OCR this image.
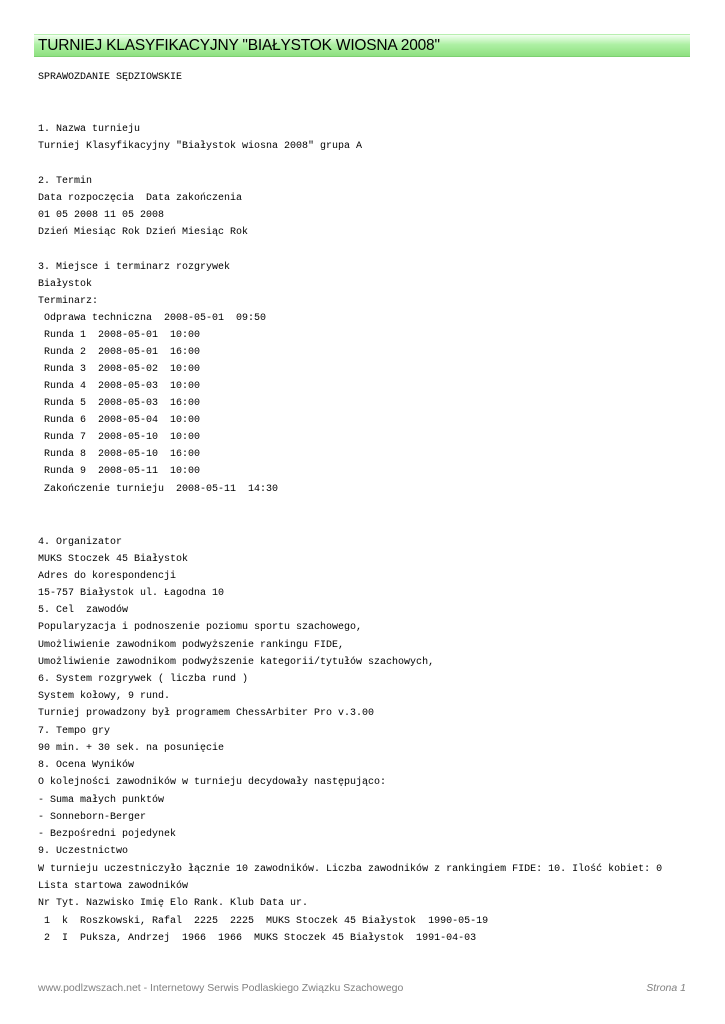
TURNIEJ KLASYFIKACYJNY "BIAŁYSTOK WIOSNA 2008"
SPRAWOZDANIE SĘDZIOWSKIE
1. Nazwa turnieju
Turniej Klasyfikacyjny "Białystok wiosna 2008" grupa A
2. Termin
Data rozpoczęcia  Data zakończenia
01 05 2008 11 05 2008
Dzień Miesiąc Rok Dzień Miesiąc Rok
3. Miejsce i terminarz rozgrywek
Białystok
Terminarz:
Odprawa techniczna  2008-05-01  09:50
Runda 1  2008-05-01  10:00
Runda 2  2008-05-01  16:00
Runda 3  2008-05-02  10:00
Runda 4  2008-05-03  10:00
Runda 5  2008-05-03  16:00
Runda 6  2008-05-04  10:00
Runda 7  2008-05-10  10:00
Runda 8  2008-05-10  16:00
Runda 9  2008-05-11  10:00
Zakończenie turnieju  2008-05-11  14:30
4. Organizator
MUKS Stoczek 45 Białystok
Adres do korespondencji
15-757 Białystok ul. Łagodna 10
5. Cel  zawodów
Popularyzacja i podnoszenie poziomu sportu szachowego,
Umożliwienie zawodnikom podwyższenie rankingu FIDE,
Umożliwienie zawodnikom podwyższenie kategorii/tytułów szachowych,
6. System rozgrywek ( liczba rund )
System kołowy, 9 rund.
Turniej prowadzony był programem ChessArbiter Pro v.3.00
7. Tempo gry
90 min. + 30 sek. na posunięcie
8. Ocena Wyników
O kolejności zawodników w turnieju decydowały następująco:
- Suma małych punktów
- Sonneborn-Berger
- Bezpośredni pojedynek
9. Uczestnictwo
W turnieju uczestniczyło łącznie 10 zawodników. Liczba zawodników z rankingiem FIDE: 10. Ilość kobiet: 0
Lista startowa zawodników
Nr Tyt. Nazwisko Imię Elo Rank. Klub Data ur.
1  k  Roszkowski, Rafal  2225  2225  MUKS Stoczek 45 Białystok  1990-05-19
2  I  Puksza, Andrzej  1966  1966  MUKS Stoczek 45 Białystok  1991-04-03
www.podlzwszach.net - Internetowy Serwis Podlaskiego Związku Szachowego	Strona 1
